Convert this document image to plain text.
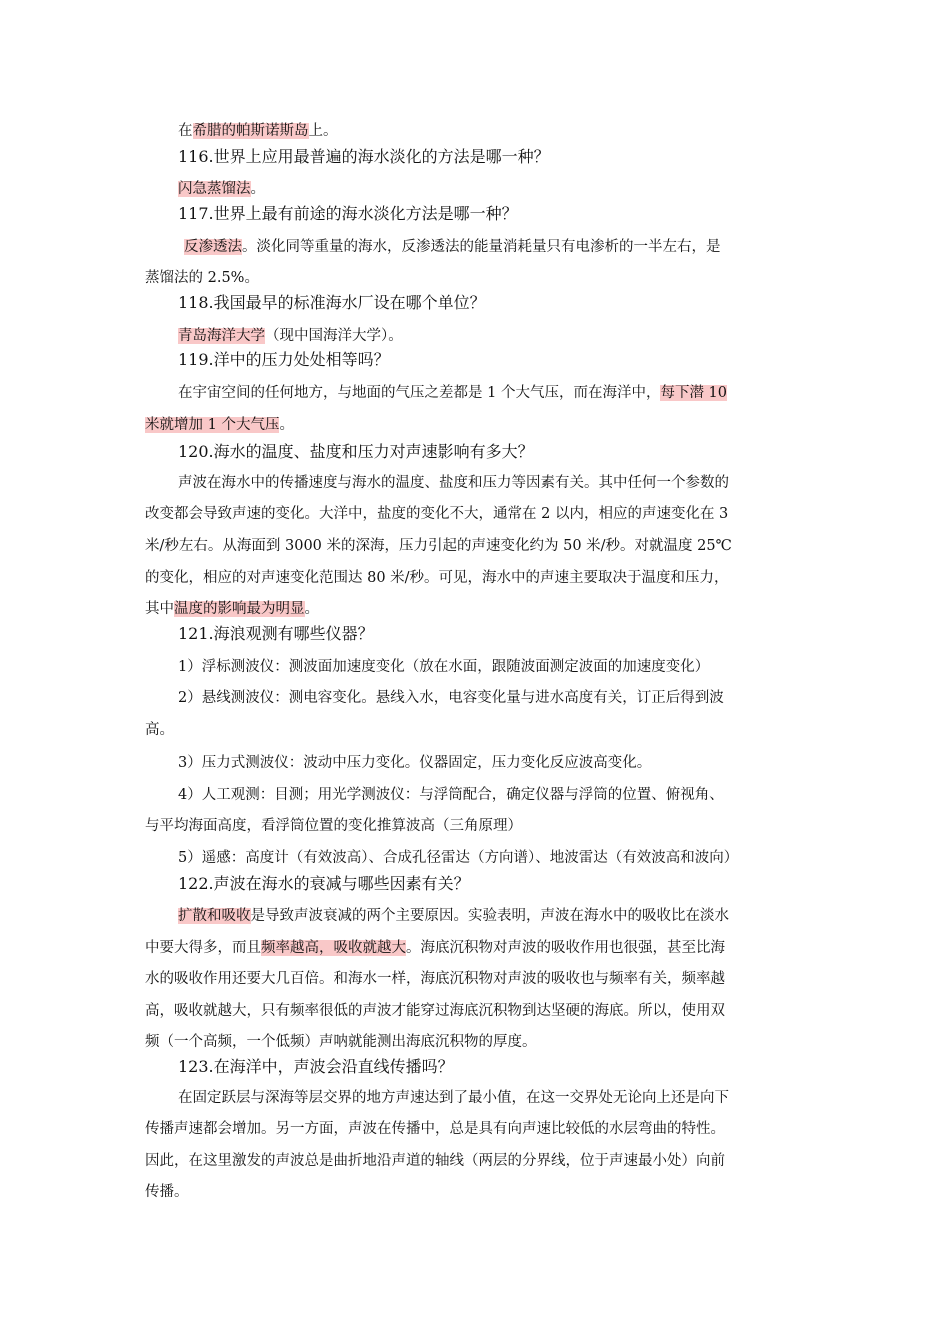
在希腊的帕斯诺斯岛上。
116.世界上应用最普遍的海水淡化的方法是哪一种？
闪急蒸馏法。
117.世界上最有前途的海水淡化方法是哪一种？
反渗透法。淡化同等重量的海水，反渗透法的能量消耗量只有电渗析的一半左右，是
蒸馏法的 2.5%。
118.我国最早的标准海水厂设在哪个单位？
青岛海洋大学（现中国海洋大学）。
119.洋中的压力处处相等吗？
在宇宙空间的任何地方，与地面的气压之差都是 1 个大气压，而在海洋中，每下潜 10
米就增加 1 个大气压。
120.海水的温度、盐度和压力对声速影响有多大？
声波在海水中的传播速度与海水的温度、盐度和压力等因素有关。其中任何一个参数的
改变都会导致声速的变化。大洋中，盐度的变化不大，通常在 2 以内，相应的声速变化在 3
米/秒左右。从海面到 3000 米的深海，压力引起的声速变化约为 50 米/秒。对就温度 25℃
的变化，相应的对声速变化范围达 80 米/秒。可见，海水中的声速主要取决于温度和压力，
其中温度的影响最为明显。
121.海浪观测有哪些仪器？
1）浮标测波仪：测波面加速度变化（放在水面，跟随波面测定波面的加速度变化）
2）悬线测波仪：测电容变化。悬线入水，电容变化量与进水高度有关，订正后得到波
高。
3）压力式测波仪：波动中压力变化。仪器固定，压力变化反应波高变化。
4）人工观测：目测；用光学测波仪：与浮筒配合，确定仪器与浮筒的位置、俯视角、
与平均海面高度，看浮筒位置的变化推算波高（三角原理）
5）遥感：高度计（有效波高）、合成孔径雷达（方向谱）、地波雷达（有效波高和波向）
122.声波在海水的衰减与哪些因素有关？
扩散和吸收是导致声波衰减的两个主要原因。实验表明，声波在海水中的吸收比在淡水
中要大得多，而且频率越高，吸收就越大。海底沉积物对声波的吸收作用也很强，甚至比海
水的吸收作用还要大几百倍。和海水一样，海底沉积物对声波的吸收也与频率有关，频率越
高，吸收就越大，只有频率很低的声波才能穿过海底沉积物到达坚硬的海底。所以，使用双
频（一个高频，一个低频）声呐就能测出海底沉积物的厚度。
123.在海洋中，声波会沿直线传播吗？
在固定跃层与深海等层交界的地方声速达到了最小值，在这一交界处无论向上还是向下
传播声速都会增加。另一方面，声波在传播中，总是具有向声速比较低的水层弯曲的特性。
因此，在这里激发的声波总是曲折地沿声道的轴线（两层的分界线，位于声速最小处）向前
传播。
